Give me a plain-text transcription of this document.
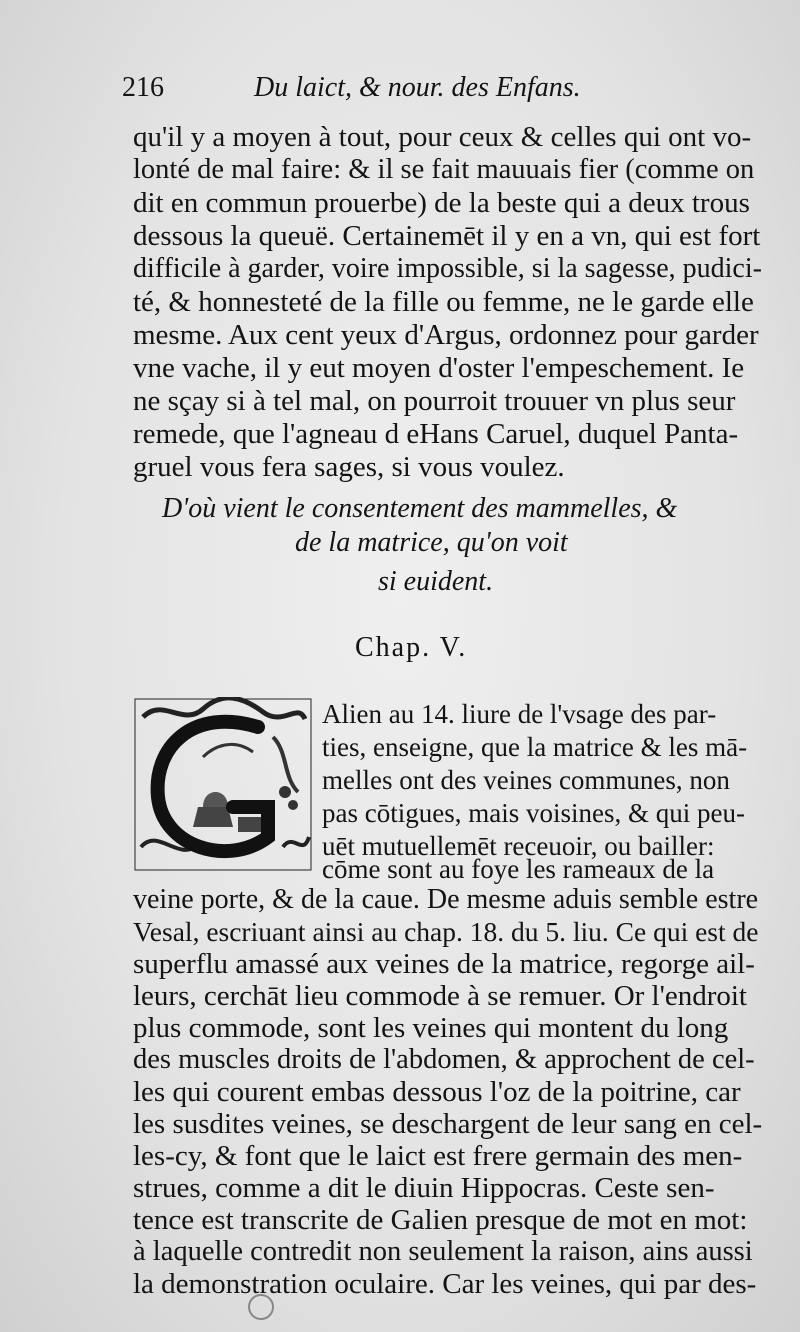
216	Du laict, & nour. des Enfans.
qu'il y a moyen à tout, pour ceux & celles qui ont vo-
lonté de mal faire: & il se fait mauuais fier (comme on
dit en commun prouerbe) de la beste qui a deux trous
dessous la queuë. Certainemēt il y en a vn, qui est fort
difficile à garder, voire impossible, si la sagesse, pudici-
té, & honnesteté de la fille ou femme, ne le garde elle
mesme. Aux cent yeux d'Argus, ordonnez pour garder
vne vache, il y eut moyen d'oster l'empeschement. Ie
ne sçay si à tel mal, on pourroit trouuer vn plus seur
remede, que l'agneau d eHans Caruel, duquel Panta-
gruel vous fera sages, si vous voulez.
D'où vient le consentement des mammelles, &
de la matrice, qu'on voit
si euident.
Chap. V.
Alien au 14. liure de l'vsage des par-
ties, enseigne, que la matrice & les mā-
melles ont des veines communes, non
pas cōtigues, mais voisines, & qui peu-
uēt mutuellemēt receuoir, ou bailler:
cōme sont au foye les rameaux de la
veine porte, & de la caue. De mesme aduis semble estre
Vesal, escriuant ainsi au chap. 18. du 5. liu. Ce qui est de
superflu amassé aux veines de la matrice, regorge ail-
leurs, cerchāt lieu commode à se remuer. Or l'endroit
plus commode, sont les veines qui montent du long
des muscles droits de l'abdomen, & approchent de cel-
les qui courent embas dessous l'oz de la poitrine, car
les susdites veines, se deschargent de leur sang en cel-
les-cy, & font que le laict est frere germain des men-
strues, comme a dit le diuin Hippocras. Ceste sen-
tence est transcrite de Galien presque de mot en mot:
à laquelle contredit non seulement la raison, ains aussi
la demonstration oculaire. Car les veines, qui par des-
